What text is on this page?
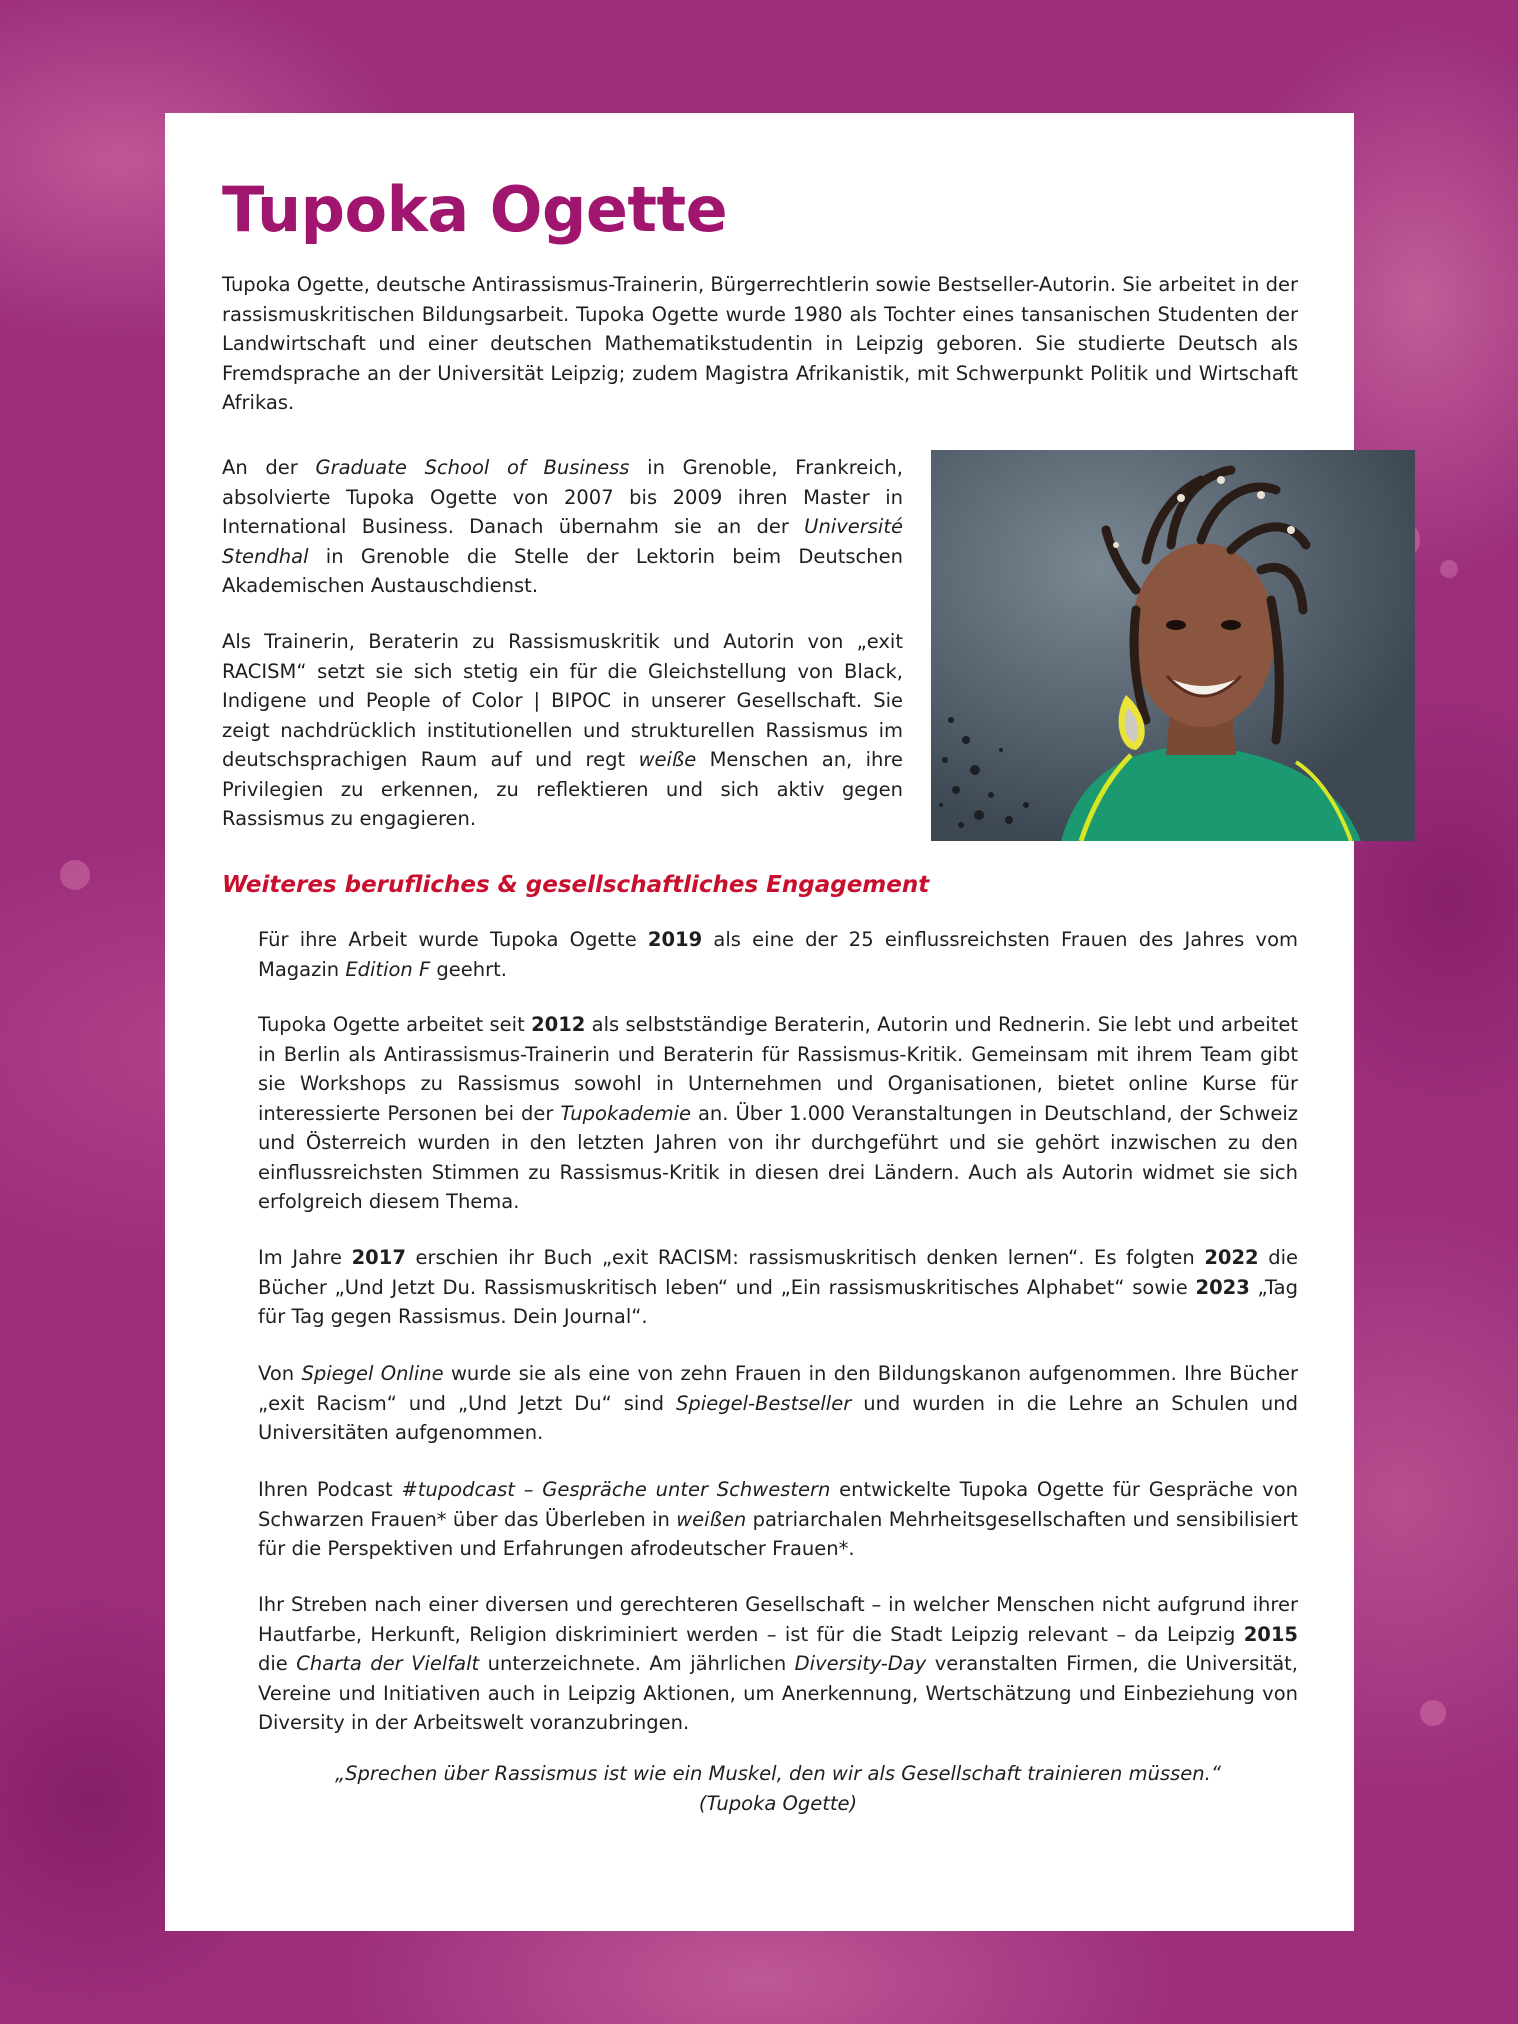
Tupoka Ogette

Tupoka Ogette, deutsche Antirassismus-Trainerin, Bürgerrechtlerin sowie Bestseller-Autorin. Sie arbeitet in der rassismuskritischen Bildungsarbeit. Tupoka Ogette wurde 1980 als Tochter eines tansanischen Studenten der Landwirtschaft und einer deutschen Mathematikstudentin in Leipzig geboren. Sie studierte Deutsch als Fremdsprache an der Universität Leipzig; zudem Magistra Afrikanistik, mit Schwerpunkt Politik und Wirtschaft Afrikas.

An der Graduate School of Business in Grenoble, Frankreich, absolvierte Tupoka Ogette von 2007 bis 2009 ihren Master in International Business. Danach übernahm sie an der Université Stendhal in Grenoble die Stelle der Lektorin beim Deutschen Akademischen Austauschdienst.

Als Trainerin, Beraterin zu Rassismuskritik und Autorin von „exit RACISM“ setzt sie sich stetig ein für die Gleichstellung von Black, Indigene und People of Color | BIPOC in unserer Gesellschaft. Sie zeigt nachdrücklich institutionellen und strukturellen Rassismus im deutschsprachigen Raum auf und regt weiße Menschen an, ihre Privilegien zu erkennen, zu reflektieren und sich aktiv gegen Rassismus zu engagieren.

Weiteres berufliches & gesellschaftliches Engagement

Für ihre Arbeit wurde Tupoka Ogette 2019 als eine der 25 einflussreichsten Frauen des Jahres vom Magazin Edition F geehrt.

Tupoka Ogette arbeitet seit 2012 als selbstständige Beraterin, Autorin und Rednerin. Sie lebt und arbeitet in Berlin als Antirassismus-Trainerin und Beraterin für Rassismus-Kritik. Gemeinsam mit ihrem Team gibt sie Workshops zu Rassismus sowohl in Unternehmen und Organisationen, bietet online Kurse für interessierte Personen bei der Tupokademie an. Über 1.000 Veranstaltungen in Deutschland, der Schweiz und Österreich wurden in den letzten Jahren von ihr durchgeführt und sie gehört inzwischen zu den einflussreichsten Stimmen zu Rassismus-Kritik in diesen drei Ländern. Auch als Autorin widmet sie sich erfolgreich diesem Thema.

Im Jahre 2017 erschien ihr Buch „exit RACISM: rassismuskritisch denken lernen“. Es folgten 2022 die Bücher „Und Jetzt Du. Rassismuskritisch leben“ und „Ein rassismuskritisches Alphabet“ sowie 2023 „Tag für Tag gegen Rassismus. Dein Journal“.

Von Spiegel Online wurde sie als eine von zehn Frauen in den Bildungskanon aufgenommen. Ihre Bücher „exit Racism“ und „Und Jetzt Du“ sind Spiegel-Bestseller und wurden in die Lehre an Schulen und Universitäten aufgenommen.

Ihren Podcast #tupodcast – Gespräche unter Schwestern entwickelte Tupoka Ogette für Gespräche von Schwarzen Frauen* über das Überleben in weißen patriarchalen Mehrheitsgesellschaften und sensibilisiert für die Perspektiven und Erfahrungen afrodeutscher Frauen*.

Ihr Streben nach einer diversen und gerechteren Gesellschaft – in welcher Menschen nicht aufgrund ihrer Hautfarbe, Herkunft, Religion diskriminiert werden – ist für die Stadt Leipzig relevant – da Leipzig 2015 die Charta der Vielfalt unterzeichnete. Am jährlichen Diversity-Day veranstalten Firmen, die Universität, Vereine und Initiativen auch in Leipzig Aktionen, um Anerkennung, Wertschätzung und Einbeziehung von Diversity in der Arbeitswelt voranzubringen.

„Sprechen über Rassismus ist wie ein Muskel, den wir als Gesellschaft trainieren müssen.“
(Tupoka Ogette)
